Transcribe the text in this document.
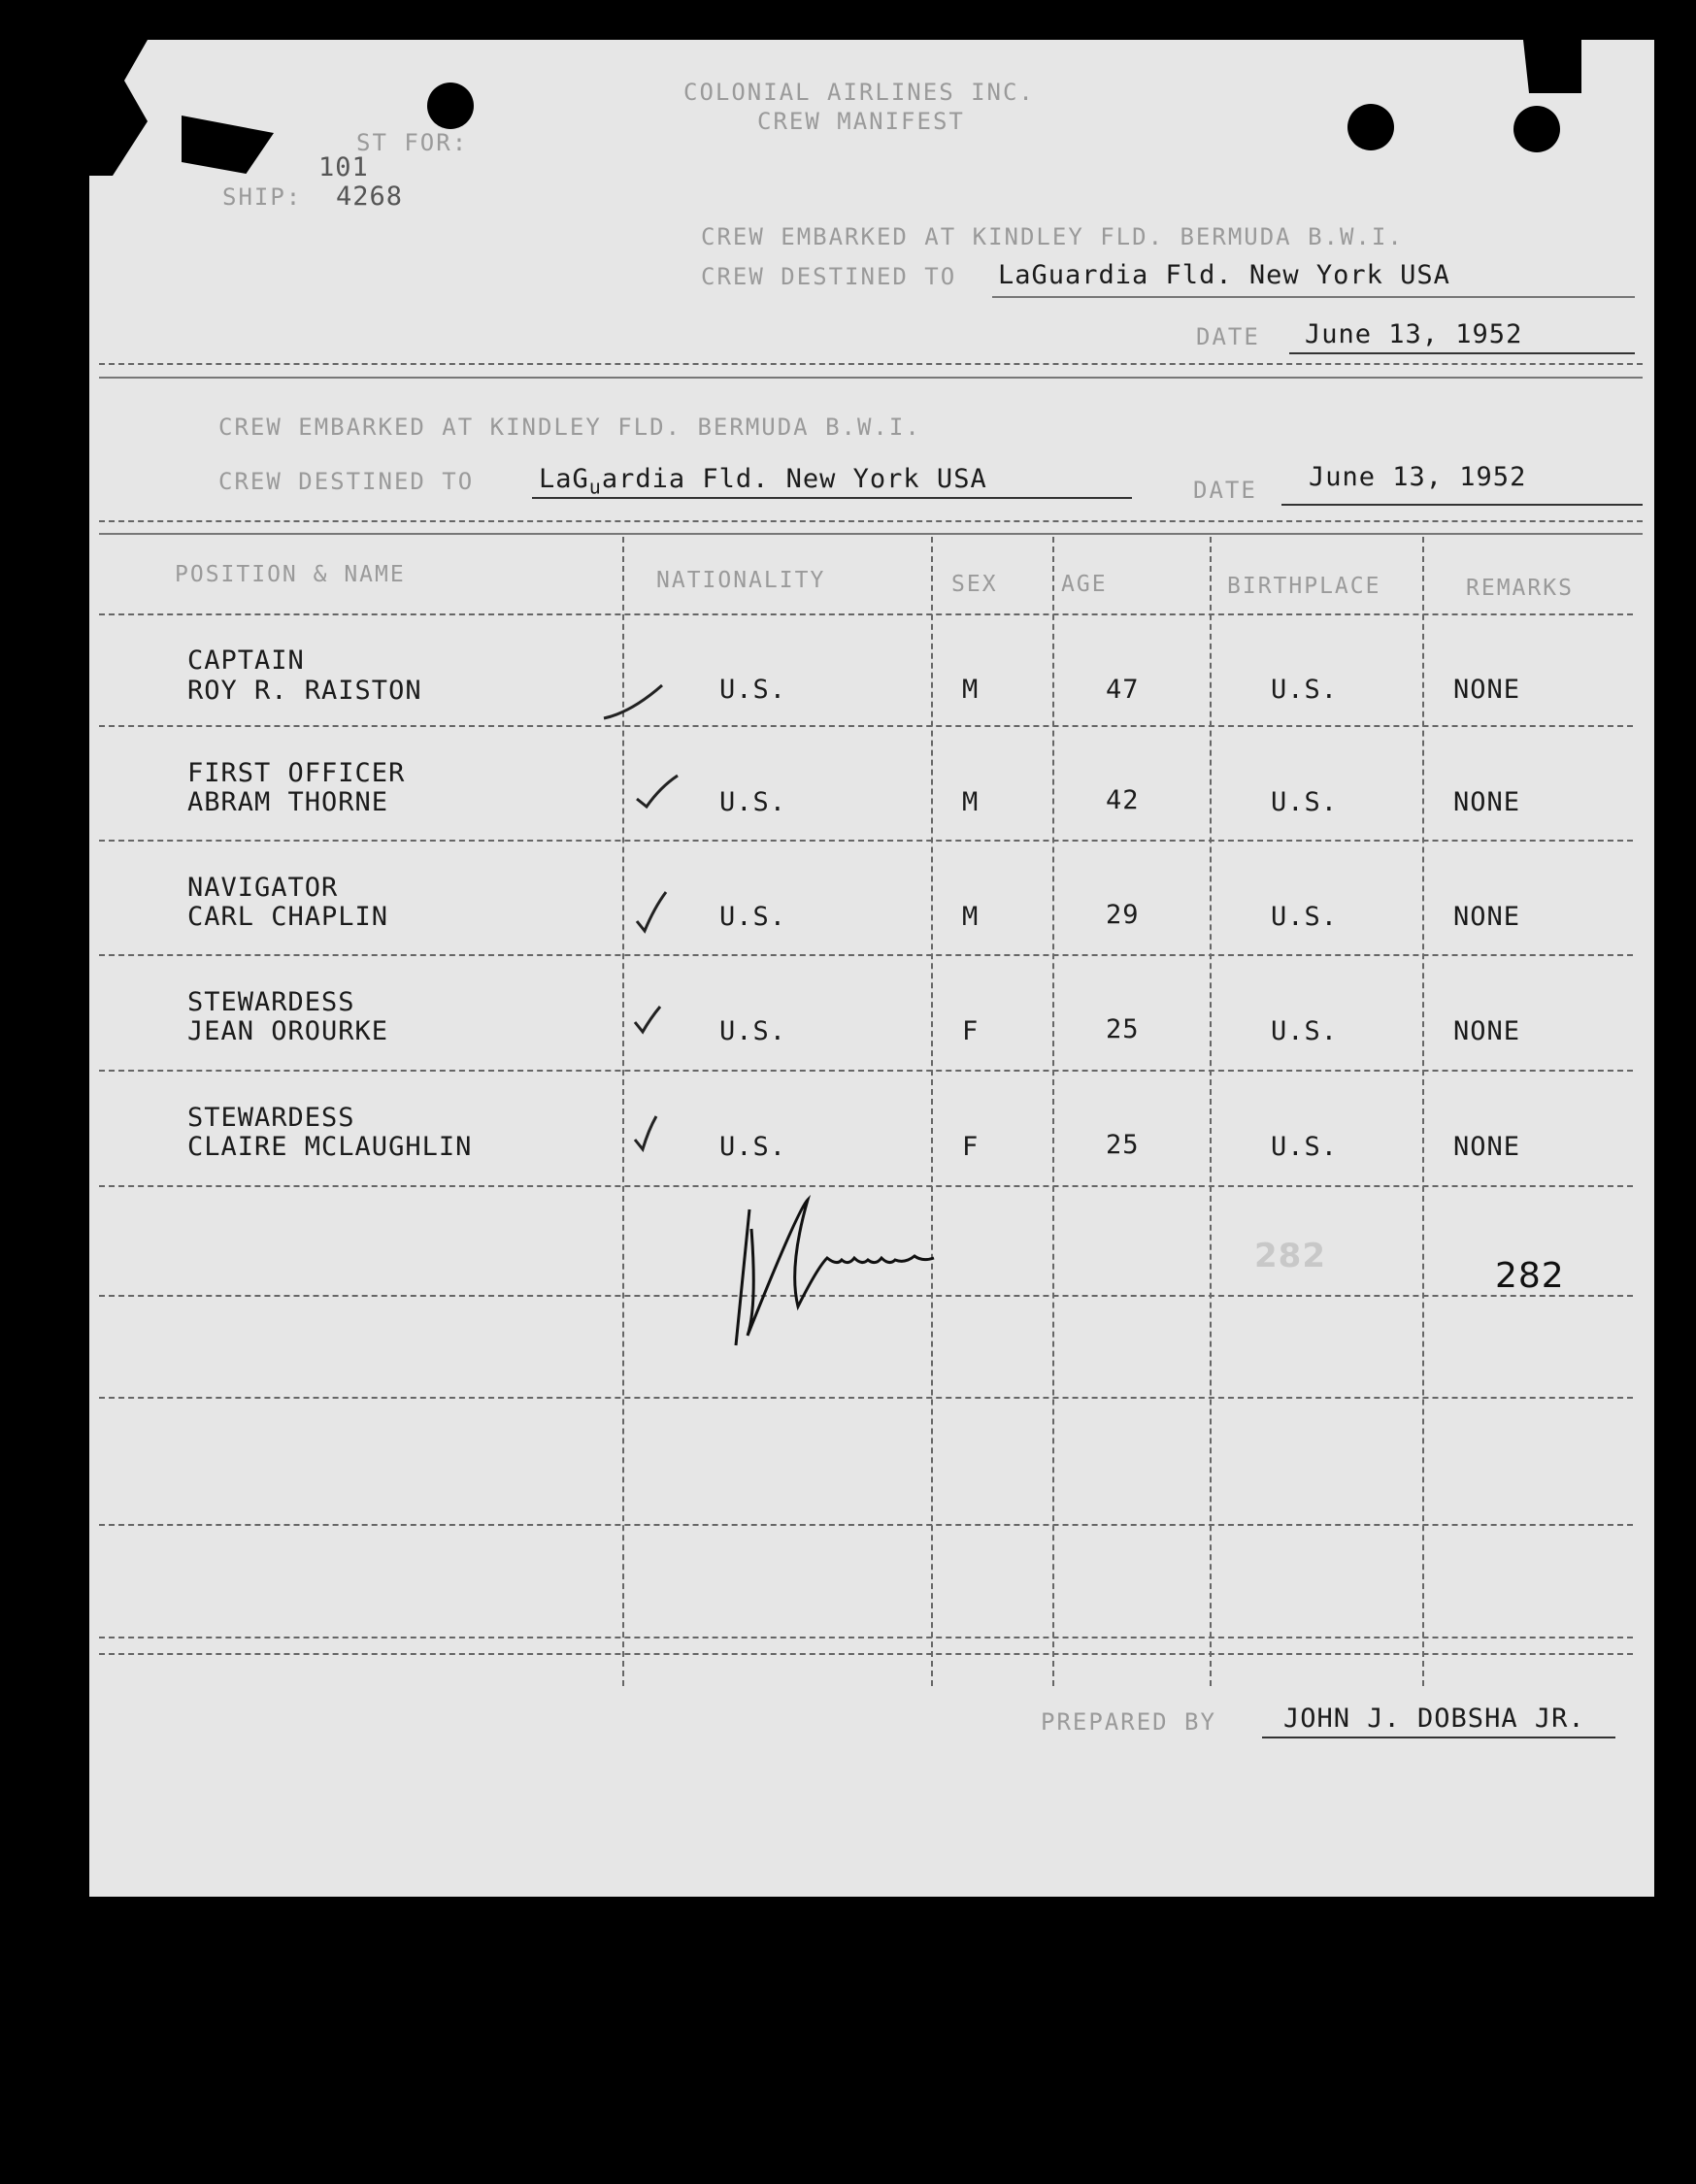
COLONIAL AIRLINES INC.
CREW MANIFEST
ST FOR:
101
SHIP: 4268
CREW EMBARKED AT KINDLEY FLD. BERMUDA B.W.I.
CREW DESTINED TO LaGuardia Fld. New York USA
DATE June 13, 1952
CREW EMBARKED AT KINDLEY FLD. BERMUDA B.W.I.
CREW DESTINED TO LaG$_u$ardia Fld. New York USA	DATE June 13, 1952
POSITION & NAME	NATIONALITY	SEX	AGE	BIRTHPLACE	REMARKS
CAPTAIN
ROY R. RAISTON	U.S.	M	47	U.S.	NONE
FIRST OFFICER
ABRAM THORNE	U.S.	M	42	U.S.	NONE
NAVIGATOR
CARL CHAPLIN	U.S.	M	29	U.S.	NONE
STEWARDESS
JEAN OROURKE	U.S.	F	25	U.S.	NONE
STEWARDESS
CLAIRE MCLAUGHLIN	U.S.	F	25	U.S.	NONE
282	282
PREPARED BY	JOHN J. DOBSHA JR.
